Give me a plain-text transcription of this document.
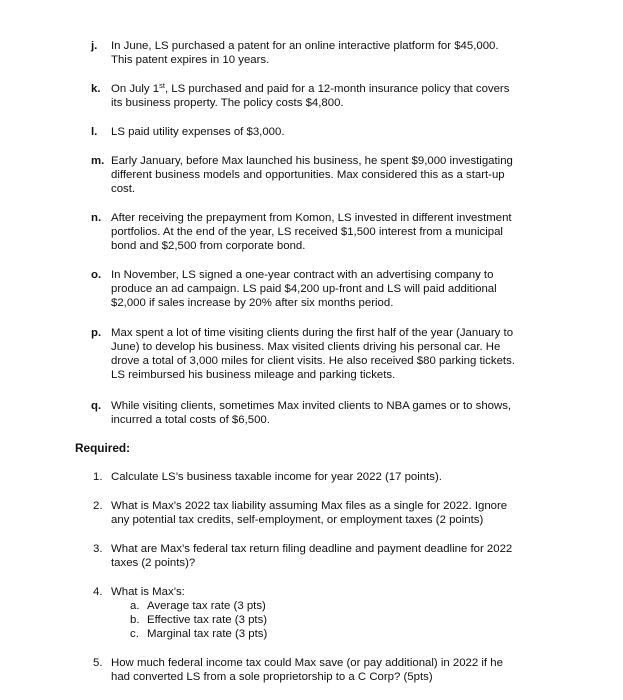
j.	In June, LS purchased a patent for an online interactive platform for $45,000.
This patent expires in 10 years.
k. On July 1st, LS purchased and paid for a 12-month insurance policy that covers
its business property. The policy costs $4,800.
l.	LS paid utility expenses of $3,000.
m. Early January, before Max launched his business, he spent $9,000 investigating
different business models and opportunities. Max considered this as a start-up
cost.
n. After receiving the prepayment from Komon, LS invested in different investment
portfolios. At the end of the year, LS received $1,500 interest from a municipal
bond and $2,500 from corporate bond.
o. In November, LS signed a one-year contract with an advertising company to
produce an ad campaign. LS paid $4,200 up-front and LS will paid additional
$2,000 if sales increase by 20% after six months period.
p. Max spent a lot of time visiting clients during the first half of the year (January to
June) to develop his business. Max visited clients driving his personal car. He
drove a total of 3,000 miles for client visits. He also received $80 parking tickets.
LS reimbursed his business mileage and parking tickets.
q. While visiting clients, sometimes Max invited clients to NBA games or to shows,
incurred a total costs of $6,500.
Required:
1. Calculate LS’s business taxable income for year 2022 (17 points).
2. What is Max’s 2022 tax liability assuming Max files as a single for 2022. Ignore
any potential tax credits, self-employment, or employment taxes (2 points)
3. What are Max’s federal tax return filing deadline and payment deadline for 2022
taxes (2 points)?
4. What is Max’s:
a. Average tax rate (3 pts)
b. Effective tax rate (3 pts)
c. Marginal tax rate (3 pts)
5. How much federal income tax could Max save (or pay additional) in 2022 if he
had converted LS from a sole proprietorship to a C Corp? (5pts)
